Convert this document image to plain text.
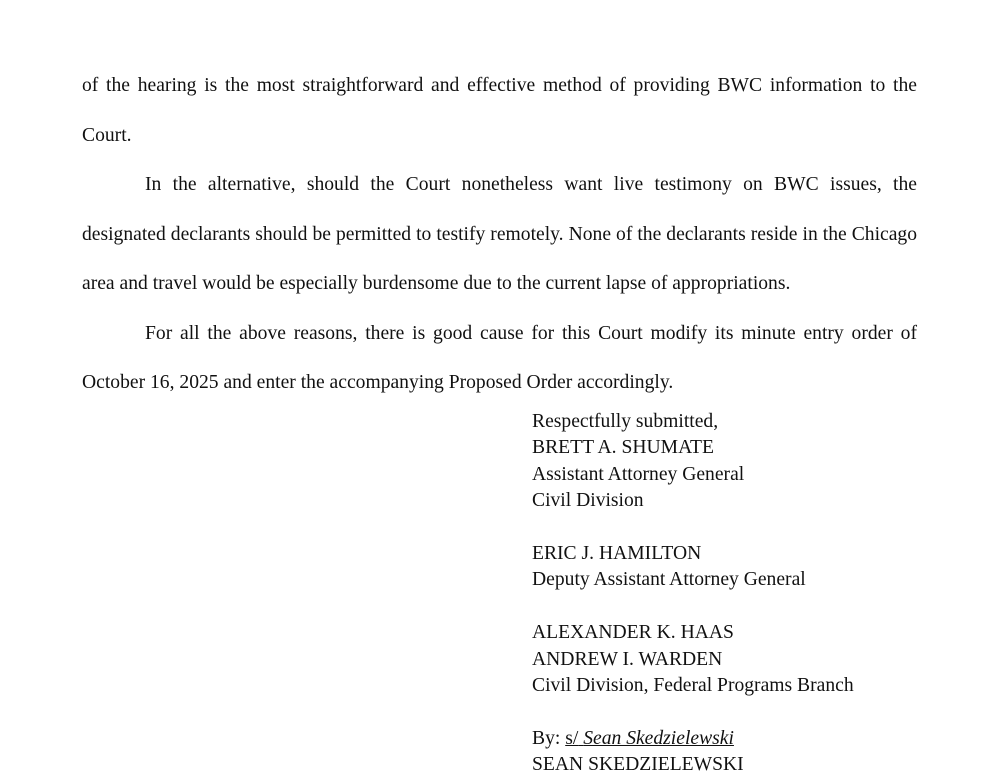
of the hearing is the most straightforward and effective method of providing BWC information to the Court.

In the alternative, should the Court nonetheless want live testimony on BWC issues, the designated declarants should be permitted to testify remotely. None of the declarants reside in the Chicago area and travel would be especially burdensome due to the current lapse of appropriations.

For all the above reasons, there is good cause for this Court modify its minute entry order of October 16, 2025 and enter the accompanying Proposed Order accordingly.

Respectfully submitted,
BRETT A. SHUMATE
Assistant Attorney General
Civil Division
ERIC J. HAMILTON
Deputy Assistant Attorney General
ALEXANDER K. HAAS
ANDREW I. WARDEN
Civil Division, Federal Programs Branch
By: s/ Sean Skedzielewski
SEAN SKEDZIELEWSKI
